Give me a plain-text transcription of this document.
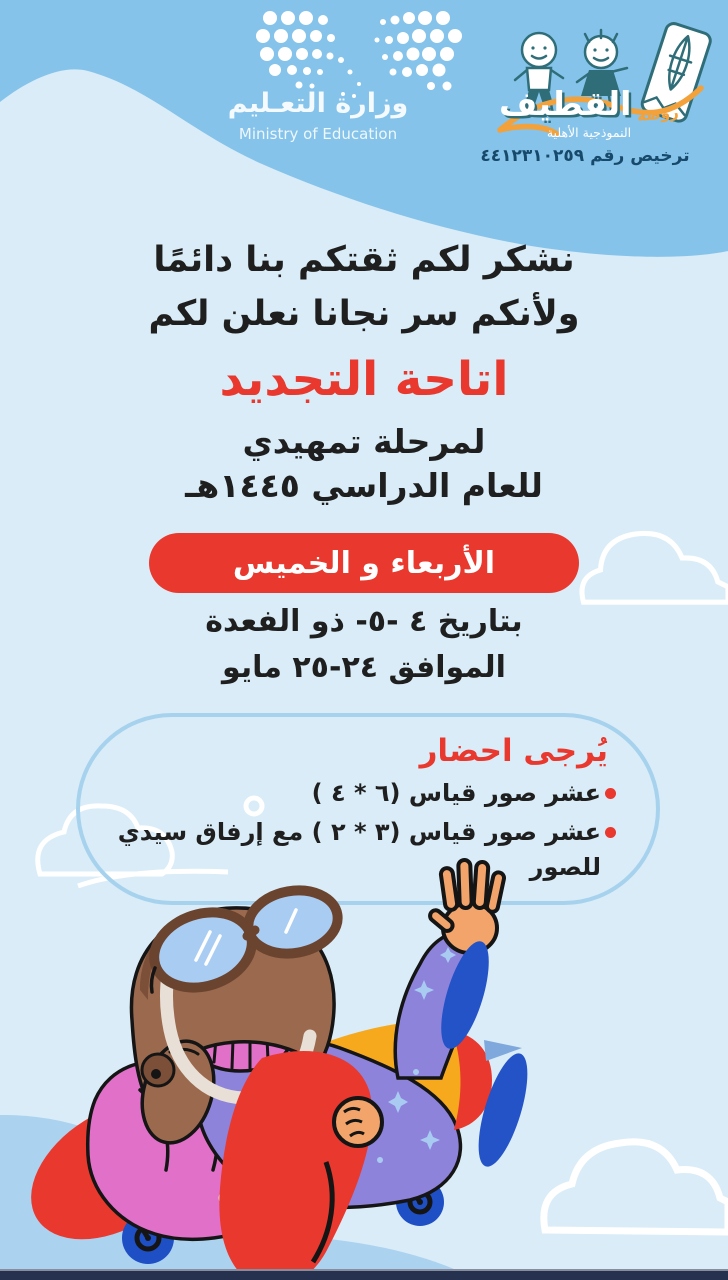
وزارة التعـليم
Ministry of Education
روضة
القطيف
النموذجية الأهلية
ترخيص رقم ٤٤١٢٣١٠٢٥٩
نشكر لكم ثقتكم بنا دائمًا
ولأنكم سر نجانا نعلن لكم
اتاحة التجديد
لمرحلة تمهيدي
للعام الدراسي ١٤٤٥هـ
الأربعاء و الخميس
بتاريخ ٤ -٥- ذو الفعدة
الموافق ٢٤-٢٥ مايو
يُرجى احضار
عشر صور قياس (٦ * ٤ )
عشر صور قياس (٣ * ٢ ) مع إرفاق سيدي للصور
